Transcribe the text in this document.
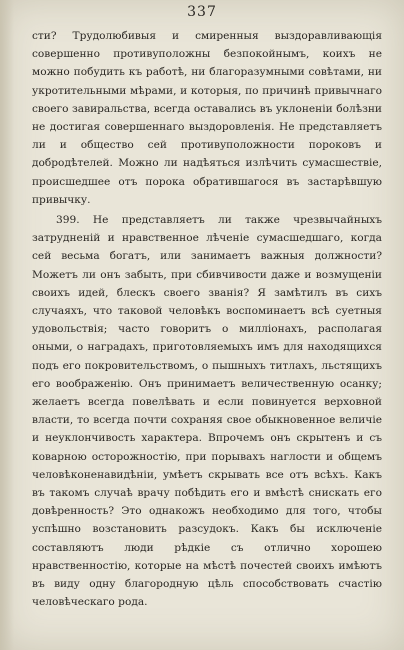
337

сти? Трудолюбивыя и смиренныя выздоравливающія совершенно противуположны безпокойнымъ, коихъ не можно побудить къ работѣ, ни благоразумными совѣтами, ни укротительными мѣрами, и которыя, по причинѣ привычнаго своего завиральства, всегда оставались въ уклоненіи болѣзни не достигая совершеннаго выздоровленія. Не представляетъ ли и общество сей противуположности пороковъ и добродѣтелей. Можно ли надѣяться излѣчить сумасшествіе, происшедшее отъ порока обратившагося въ застарѣвшую привычку.

399. Не представляетъ ли также чрезвычайныхъ затрудненій и нравственное лѣченіе сумасшедшаго, когда сей весьма богатъ, или занимаетъ важныя должности? Можетъ ли онъ забыть, при сбивчивости даже и возмущеніи своихъ идей, блескъ своего званія? Я замѣтилъ въ сихъ случаяхъ, что таковой человѣкъ воспоминаетъ всѣ суетныя удовольствія; часто говоритъ о милліонахъ, располагая оными, о наградахъ, приготовляемыхъ имъ для находящихся подъ его покровительствомъ, о пышныхъ титлахъ, льстящихъ его воображенію. Онъ принимаетъ величественную осанку; желаетъ всегда повелѣвать и если повинуется верховной власти, то всегда почти сохраняя свое обыкновенное величіе и неуклончивость характера. Впрочемъ онъ скрытенъ и съ коварною осторожностію, при порывахъ наглости и общемъ человѣконенавидѣніи, умѣетъ скрывать все отъ всѣхъ. Какъ въ такомъ случаѣ врачу побѣдить его и вмѣстѣ снискать его довѣренность? Это однакожъ необходимо для того, чтобы успѣшно возстановить разсудокъ. Какъ бы исключеніе составляютъ люди рѣдкіе съ отлично хорошею нравственностію, которые на мѣстѣ почестей своихъ имѣютъ въ виду одну благородную цѣль способствовать счастію человѣческаго рода.
